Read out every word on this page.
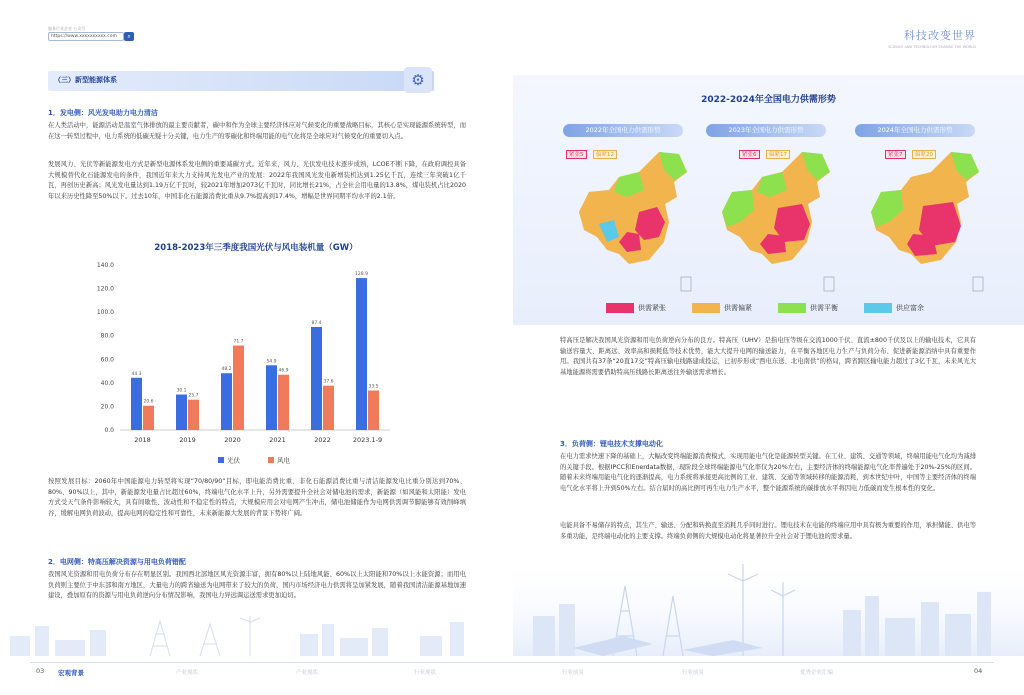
服务行业企业 公众号
https://www.xxxxxxxxxx.com	⌕
（三）新型能源体系	⚙
1．发电侧：风光发电助力电力清洁
在人类活动中，能源活动是温室气体排放的最主要贡献者，碳中和作为全球主要经济体应对气候变化的重要战略目标，其核心是实现能源系统转型，而在这一转型过程中，电力系统的低碳无疑十分关键，电力生产的零碳化和终端用能的电气化将是全球应对气候变化的重要切入点。
发展风力、光伏等新能源发电方式是新型电源体系发电侧的重要减碳方式。近年来，风力、光伏发电技术逐步成熟，LCOE不断下降，在政府调控具备大规模替代化石能源发电的条件，我国近年来大力支持风光发电产业的发展：2022年我国风光发电新增装机达到1.25亿千瓦，连续三年突破1亿千瓦，再创历史新高；风光发电量达到1.19万亿千瓦时，较2021年增加2073亿千瓦时，同比增长21%，占全社会用电量的13.8%，煤电装机占比2020年以来历史性降至50%以下。过去10年，中国非化石能源消费比重从9.7%提高到17.4%，增幅是世界同期平均水平的2.1倍。
2018-2023年三季度我国光伏与风电装机量（GW）
0.0
20.0
40.0
60.0
80.0
100.0
120.0
140.0
2018
44.3
20.6
2019
30.1
25.7
2020
48.2
71.7
2021
54.9
46.9
2022
87.4
37.6
2023.1-9
128.9
33.5
光伏	风电
按照发展目标：2060年中国能源电力转型将实现“70/80/90”目标，即电能消费比重、非化石能源消费比重与清洁能源发电比重分别达到70%、80%、90%以上，其中，新能源发电量占比超过60%，终端电气化水平上升，另外需要提升全社会对储电池的需求，新能源（如风能和太阳能）发电方式受天气条件影响较大，具有间歇性、波动性和不稳定性的特点，大规模应用会对电网产生冲击，储电池储能作为电网供需调节脚能够有效削峰填谷，缓解电网负荷波动，提高电网的稳定性和可靠性，未来新能源大发展的背景下势将广阔。
2．电网侧：特高压解决资源与用电负荷错配
我国风光资源和用电负荷分布存在明显区别。我国西北部地区风光资源丰富，拥有80%以上陆地风能、60%以上太阳能和70%以上水能资源；而用电负荷则主要位于中东部和南方地区，大量电力的跨省输送为电网带来了较大的负荷，国内市场经济电力供需将呈加紧发展，随着我国清洁能源基地加速建设，叠加原有的资源与用电负荷逆向分布情况影响，我国电力异远调运送需求更加迫切。
科技改变世界
SCIENCE AND TECHNOLOGY CHANGE THE WORLD
2022-2024年全国电力供需形势
2022年全国电力供需形势
紧张5	偏紧12
2023年全国电力供需形势
紧张6	偏紧17
2024年全国电力供需形势
紧张7	偏紧20
供需紧张	供需偏紧	供需平衡	供应富余
特高压是解决我国风光资源和用电负荷逆向分布的良方。特高压（UHV）是指电压等级在交流1000千伏、直流±800千伏及以上的输电技术，它具有输送容量大、距离远、效率高和损耗低等技术优势，能大大提升电网的输送能力，在平衡各地区电力生产与负荷分布、促进新能源消纳中具有重要作用。我国共有37条“20直17交”特高压输电线路建成投运，已初步形成“西电东送、北电南供”的格局，跨省跨区输电能力超过了3亿千瓦，未来风光大基地能源将需要借助特高压线路长距离送往外输送需求增长。
3．负荷侧：锂电技术支撑电动化
在电力需求快速下降的基础上，大幅改变终端能源消费模式，实现用能电气化是能源转型关键。在工业、建筑、交通等领域，终端用能电气化均为减排的关键手段。根据IPCC和Enerdata数据，现阶段全球终端能源电气化率仅为20%左右，主要经济体的终端能源电气化率普遍处于20%-25%的区间。随着未来终端用能电气化的逐渐提高，电力系统将承接更高比例的工业、建筑、交通等领域转移的能源消耗，到本世纪中叶，中国等主要经济体的终端电气化水平将上升到50%左右。结合届时的高比例可再生电力生产水平，整个能源系统的碳排放水平将因电力低碳而发生根本性的变化。
电能具备不易储存的特点，其生产、输送、分配和转换直至消耗几乎同时进行。锂电技术在电能的终端应用中具有极为重要的作用，承担储能、供电等多重功能，是终端电动化的主要支撑。终端负荷侧的大规模电动化将显著拉升全社会对于锂电池的需求量。
03 宏观背景	产业现状	产业现状	行业现状	行业前景	行业前景	优秀企业汇编	04
